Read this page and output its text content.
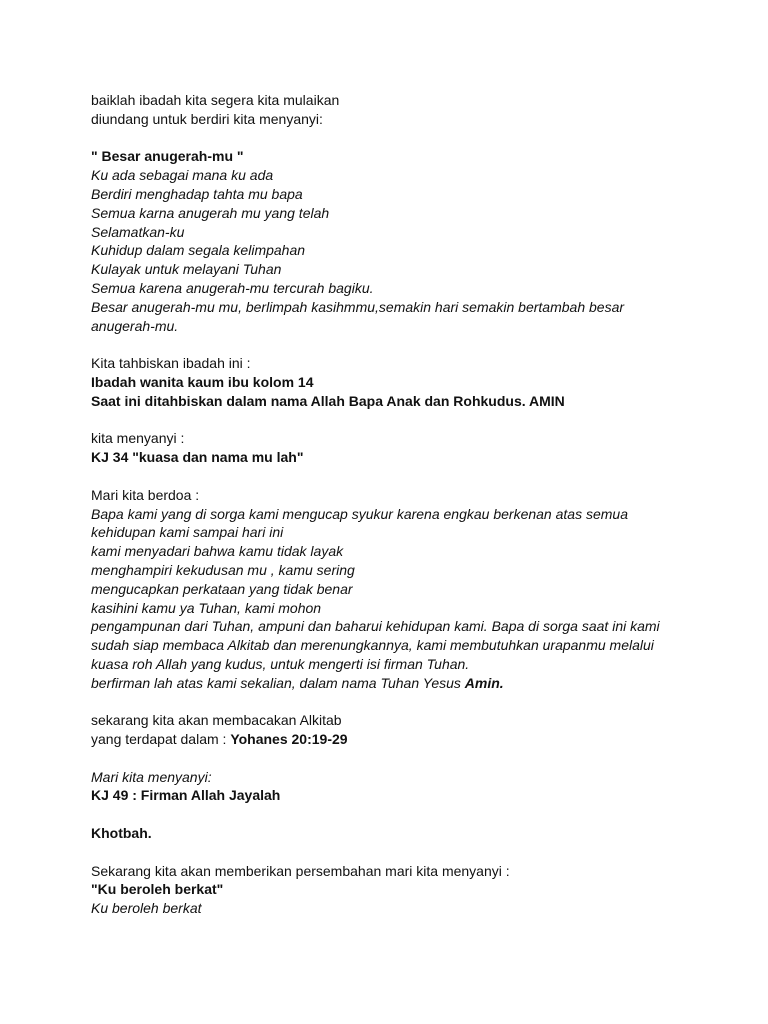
baiklah ibadah kita segera kita mulaikan
diundang untuk berdiri kita menyanyi:
" Besar anugerah-mu "
Ku ada sebagai mana ku ada
Berdiri menghadap tahta mu bapa
Semua karna anugerah mu yang telah
Selamatkan-ku
Kuhidup dalam segala kelimpahan
Kulayak untuk melayani Tuhan
Semua karena anugerah-mu tercurah bagiku.
Besar anugerah-mu mu, berlimpah kasihmmu,semakin hari semakin bertambah besar
anugerah-mu.
Kita tahbiskan ibadah ini :
Ibadah wanita kaum ibu kolom 14
Saat ini ditahbiskan dalam nama Allah Bapa Anak dan Rohkudus. AMIN
kita menyanyi :
KJ 34 "kuasa dan nama mu lah"
Mari kita berdoa :
Bapa kami yang di sorga kami mengucap syukur karena engkau berkenan atas semua
kehidupan kami sampai hari ini
kami menyadari bahwa kamu tidak layak
menghampiri kekudusan mu , kamu sering
mengucapkan perkataan yang tidak benar
kasihini kamu ya Tuhan, kami mohon
pengampunan dari Tuhan, ampuni dan baharui kehidupan kami. Bapa di sorga saat ini kami
sudah siap membaca Alkitab dan merenungkannya, kami membutuhkan urapanmu melalui
kuasa roh Allah yang kudus, untuk mengerti isi firman Tuhan.
berfirman lah atas kami sekalian, dalam nama Tuhan Yesus Amin.
sekarang kita akan membacakan Alkitab
yang terdapat dalam : Yohanes 20:19-29
Mari kita menyanyi:
KJ 49 : Firman Allah Jayalah
Khotbah.
Sekarang kita akan memberikan persembahan mari kita menyanyi :
"Ku beroleh berkat"
Ku beroleh berkat
